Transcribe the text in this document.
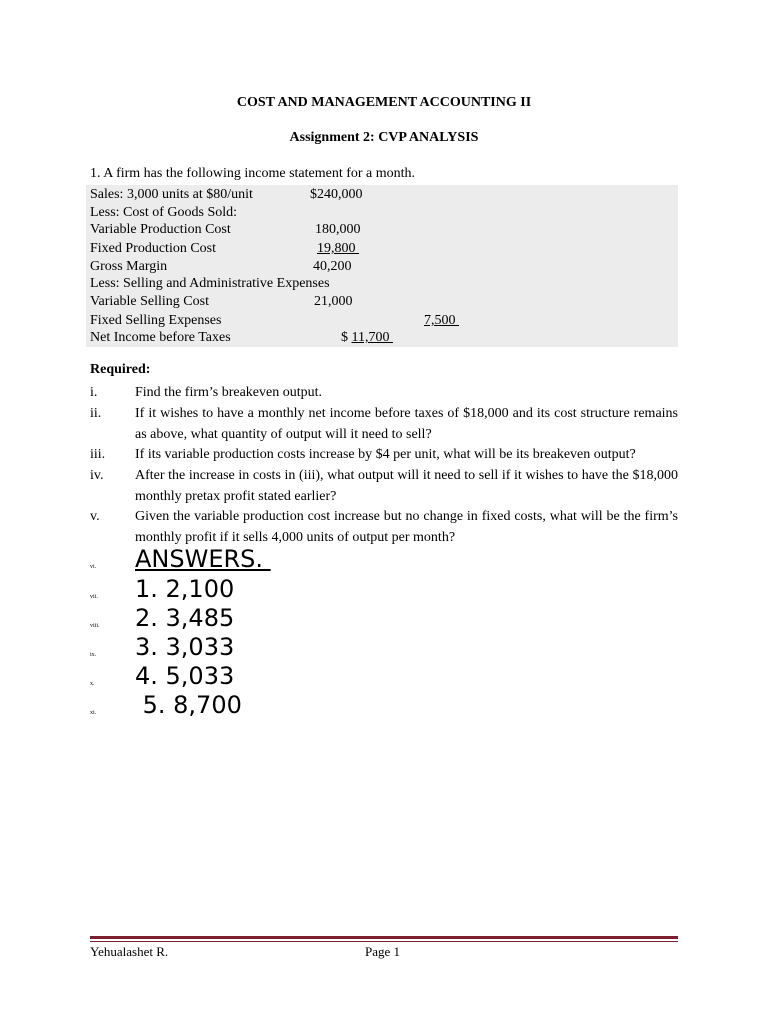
COST AND MANAGEMENT ACCOUNTING II
Assignment 2: CVP ANALYSIS
1. A firm has the following income statement for a month.
Sales: 3,000 units at $80/unit	$240,000
Less: Cost of Goods Sold:
Variable Production Cost	180,000
Fixed Production Cost	19,800
Gross Margin	40,200
Less: Selling and Administrative Expenses
Variable Selling Cost	21,000
Fixed Selling Expenses	7,500
Net Income before Taxes	$ 11,700
Required:
i.	Find the firm’s breakeven output.
ii. If it wishes to have a monthly net income before taxes of $18,000 and its cost structure remains as above, what quantity of output will it need to sell?
iii. If its variable production costs increase by $4 per unit, what will be its breakeven output?
iv. After the increase in costs in (iii), what output will it need to sell if it wishes to have the $18,000 monthly pretax profit stated earlier?
v.	Given the variable production cost increase but no change in fixed costs, what will be the firm’s monthly profit if it sells 4,000 units of output per month?
vi. ANSWERS.
vii. 1. 2,100
viii. 2. 3,485
ix. 3. 3,033
x. 4. 5,033
xi. 5. 8,700
Yehualashet R.	Page 1
